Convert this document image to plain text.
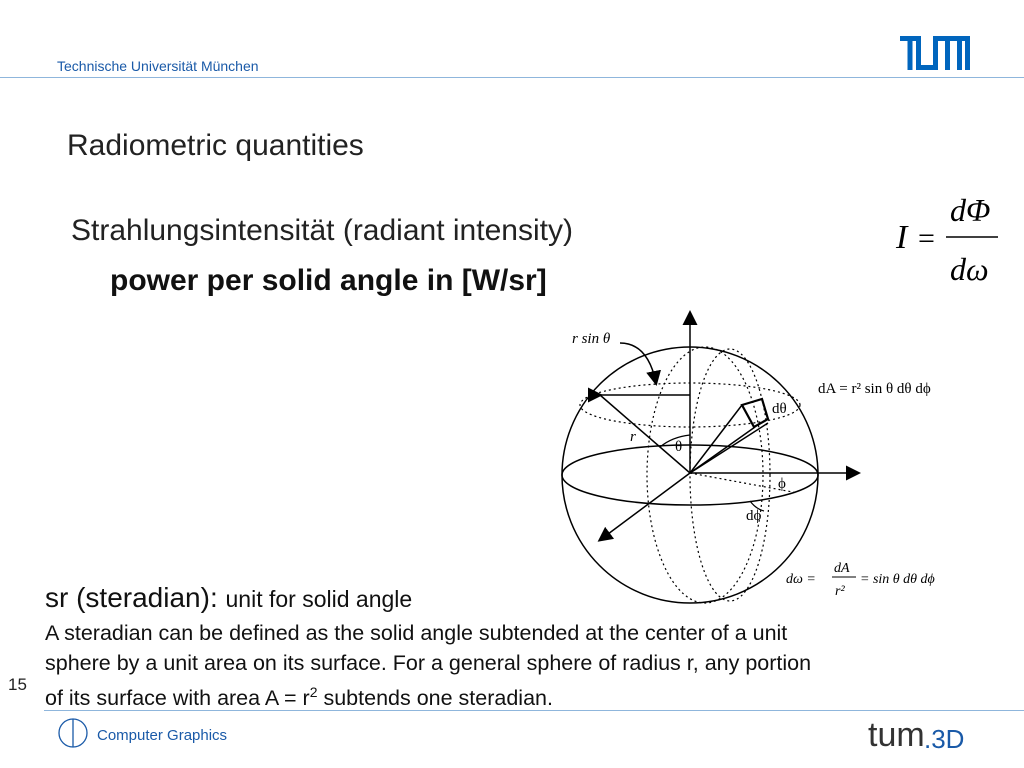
Technische Universität München
Radiometric quantities
Strahlungsintensität (radiant intensity)
power per solid angle in [W/sr]
I =
dΦ
dω
r sin θ
dA = r² sin θ dθ dϕ
dθ
r
θ
ϕ
dϕ
dω =
dA
r²
= sin θ dθ dϕ
sr (steradian): unit for solid angle
A steradian can be defined as the solid angle subtended at the center of a unit
sphere by a unit area on its surface. For a general sphere of radius r, any portion
of its surface with area $A = r^2$ subtends one steradian.
15
Computer Graphics	tum .3D
